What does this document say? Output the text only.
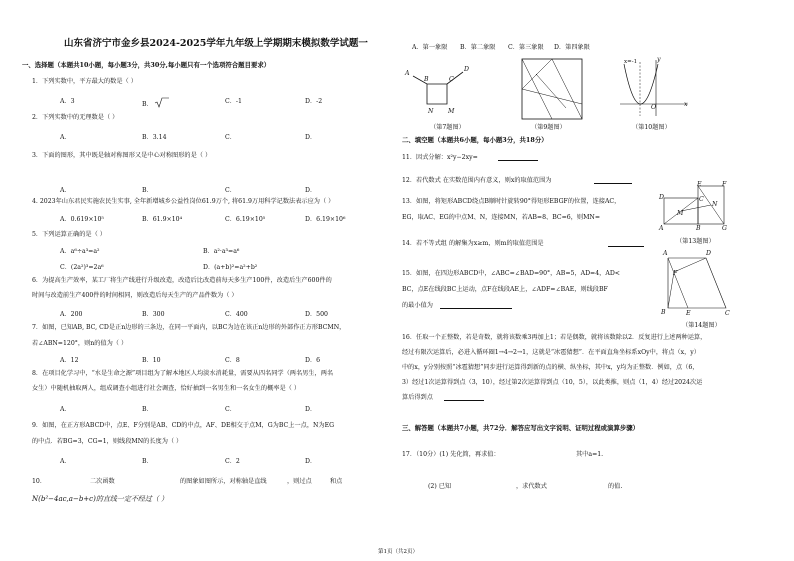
山东省济宁市金乡县2024-2025学年九年级上学期期末模拟数学试题一
一、选择题（本题共10小题，每小题3分，共30分,每小题只有一个选项符合题目要求）
1．下列实数中，平方最大的数是（ ）
A．3	B．	C．-1	D．-2
2．下列实数中的无理数是（ ）
A．	B．3.14	C．	D．
3．下面的图形，其中既是轴对称图形又是中心对称图形的是（ ）
A．	B．	C．	D．
4. 2023年山东君民实施农民生实事, 全年新增城乡公益性岗位61.9万个, 将61.9万用科学记数法表示应为（ ）
A．0.619×10⁵	B．61.9×10⁴	C．6.19×10⁵	D．6.19×10⁶
5．下列运算正确的是（ ）
A．a⁶÷a³=a²	B．a²·a³=a⁶
C．(2a²)³=2a⁶	D．(a+b)²=a²+b²
6．为提高生产效率，某工厂将生产线进行升级改造，改造后比改造前每天多生产100件，改造后生产600件的
时间与改造前生产400件的时间相同，则改造后每天生产的产品件数为（ ）
A．200	B．300	C．400	D．500
7．如图，已知AB, BC, CD是正n边形的三条边，在同一平面内，以BC为边在该正n边形的外部作正方形BCMN，
若∠ABN=120°，则n的值为（ ）
A．12	B．10	C．8	D．6
8．在项目化学习中，“水是生命之源”项目组为了解本地区人均淡水消耗量，需要从四名同学（两名男生，两名
女生）中随机抽取两人，组成调查小组进行社会调查，恰好抽到一名男生和一名女生的概率是（ ）
A．	B．	C．	D．
9．如图，在正方形ABCD中，点E、F分别是AB、CD的中点，AF、DE相交于点M，G为BC上一点，N为EG
的中点．若BG=3，CG=1，则线段MN的长度为（ ）
A．	B．	C．2	D．
10．	二次函数	的图象如图所示，对称轴是直线	，则过点	和点
N(b²−4ac,a−b+c)的直线一定不经过（ ）
A．第一象限 B．第二象限 C．第三象限 D．第四象限
A
B	C
D
N M
（第7题图）	（第9题图）
x=-1	y
x
O
（第10题图）
二、填空题（本题共6小题，每小题3分，共18分）
11．因式分解：x²y−2xy=
12．若代数式 在实数范围内有意义，则x的取值范围为
13．如图，将矩形ABCD绕点B顺时针旋转90°得矩形EBGF的位置，连接AC，
EG，取AC、EG的中点M、N，连接MN，若AB=8、BC=6，则MN=
D	C
E	F
M
N
A	B	G
（第13题图）
14．若不等式组 的解集为x≥m，则m的取值范围是
15．如图，在四边形ABCD中，∠ABC=∠BAD=90°，AB=5，AD=4，AD<
BC，点E在线段BC上运动，点F在线段AE上，∠ADF=∠BAE，则线段BF
的最小值为
A	D
F
B	E	C
（第14题图）
16．任取一个正整数，若是奇数，就将该数乘3再加上1；若是偶数，就将该数除以2．反复进行上述两种运算，
经过有限次运算后，必进入循环圈1→4→2→1，这就是“冰雹猜想”．在平面直角坐标系xOy中，将点（x，y）
中的x，y分别按照“冰雹猜想”同步进行运算得到新的点的横、纵坐标，其中x，y均为正整数．例如，点（6，
3）经过1次运算得到点（3，10），经过第2次运算得到点（10，5），以此类推，则点（1，4）经过2024次运
算后得到点
三、解答题（本题共7小题，共72分．解答应写出文字说明、证明过程或演算步骤）
17．（10分）(1) 先化简，再求值：	其中a=1.
(2) 已知	，求代数式	的值.
第1页（共2页）
